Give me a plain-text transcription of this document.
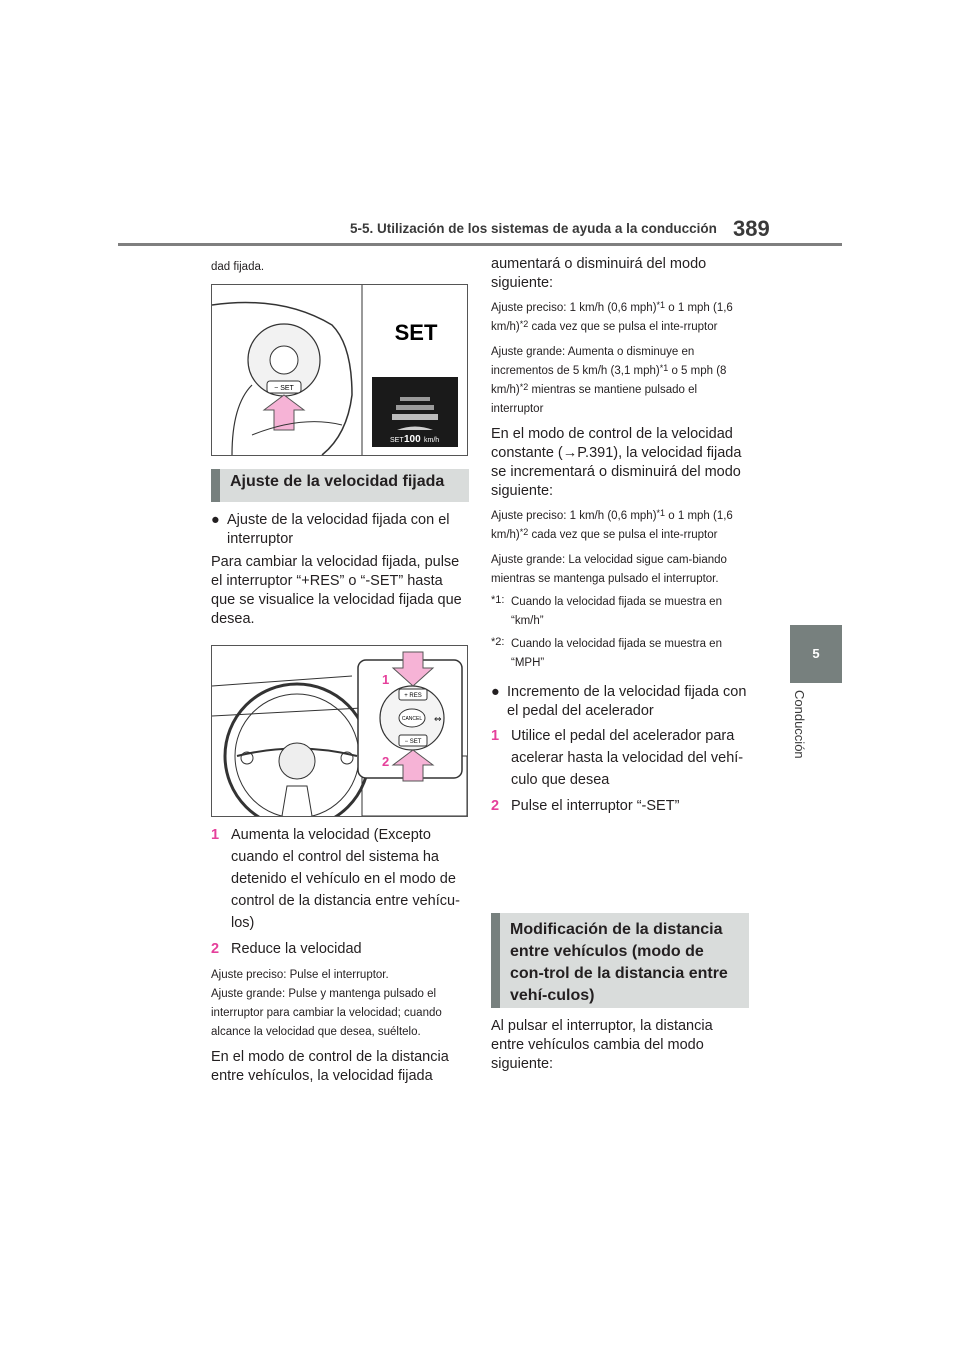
5-5. Utilización de los sistemas de ayuda a la conducción 389
5
Conducción

dad fijada.

− SET
SET
SET 100 km/h
Ajuste de la velocidad fijada

● Ajuste de la velocidad fijada con el interruptor

Para cambiar la velocidad fijada, pulse el interruptor “+RES” o “-SET” hasta que se visualice la velocidad fijada que desea.

+ RES
CANCEL
− SET
⇔
1
2

1 Aumenta la velocidad (Excepto cuando el control del sistema ha detenido el vehículo en el modo de control de la distancia entre vehícu-los)

2 Reduce la velocidad

Ajuste preciso: Pulse el interruptor.

Ajuste grande: Pulse y mantenga pulsado el interruptor para cambiar la velocidad; cuando alcance la velocidad que desea, suéltelo.

En el modo de control de la distancia entre vehículos, la velocidad fijada

aumentará o disminuirá del modo siguiente:

Ajuste preciso: 1 km/h (0,6 mph)$^{*1}$ o 1 mph (1,6 km/h)$^{*2}$ cada vez que se pulsa el inte-rruptor

Ajuste grande: Aumenta o disminuye en incrementos de 5 km/h (3,1 mph)$^{*1}$ o 5 mph (8 km/h)$^{*2}$ mientras se mantiene pulsado el interruptor

En el modo de control de la velocidad constante (→P.391), la velocidad fijada se incrementará o disminuirá del modo siguiente:

Ajuste preciso: 1 km/h (0,6 mph)$^{*1}$ o 1 mph (1,6 km/h)$^{*2}$ cada vez que se pulsa el inte-rruptor

Ajuste grande: La velocidad sigue cam-biando mientras se mantenga pulsado el interruptor.

*1: Cuando la velocidad fijada se muestra en “km/h”

*2: Cuando la velocidad fijada se muestra en “MPH”

● Incremento de la velocidad fijada con el pedal del acelerador

1 Utilice el pedal del acelerador para acelerar hasta la velocidad del vehí-culo que desea

2 Pulse el interruptor “-SET”

Modificación de la distancia entre vehículos (modo de con-trol de la distancia entre vehí-culos)

Al pulsar el interruptor, la distancia entre vehículos cambia del modo siguiente:
